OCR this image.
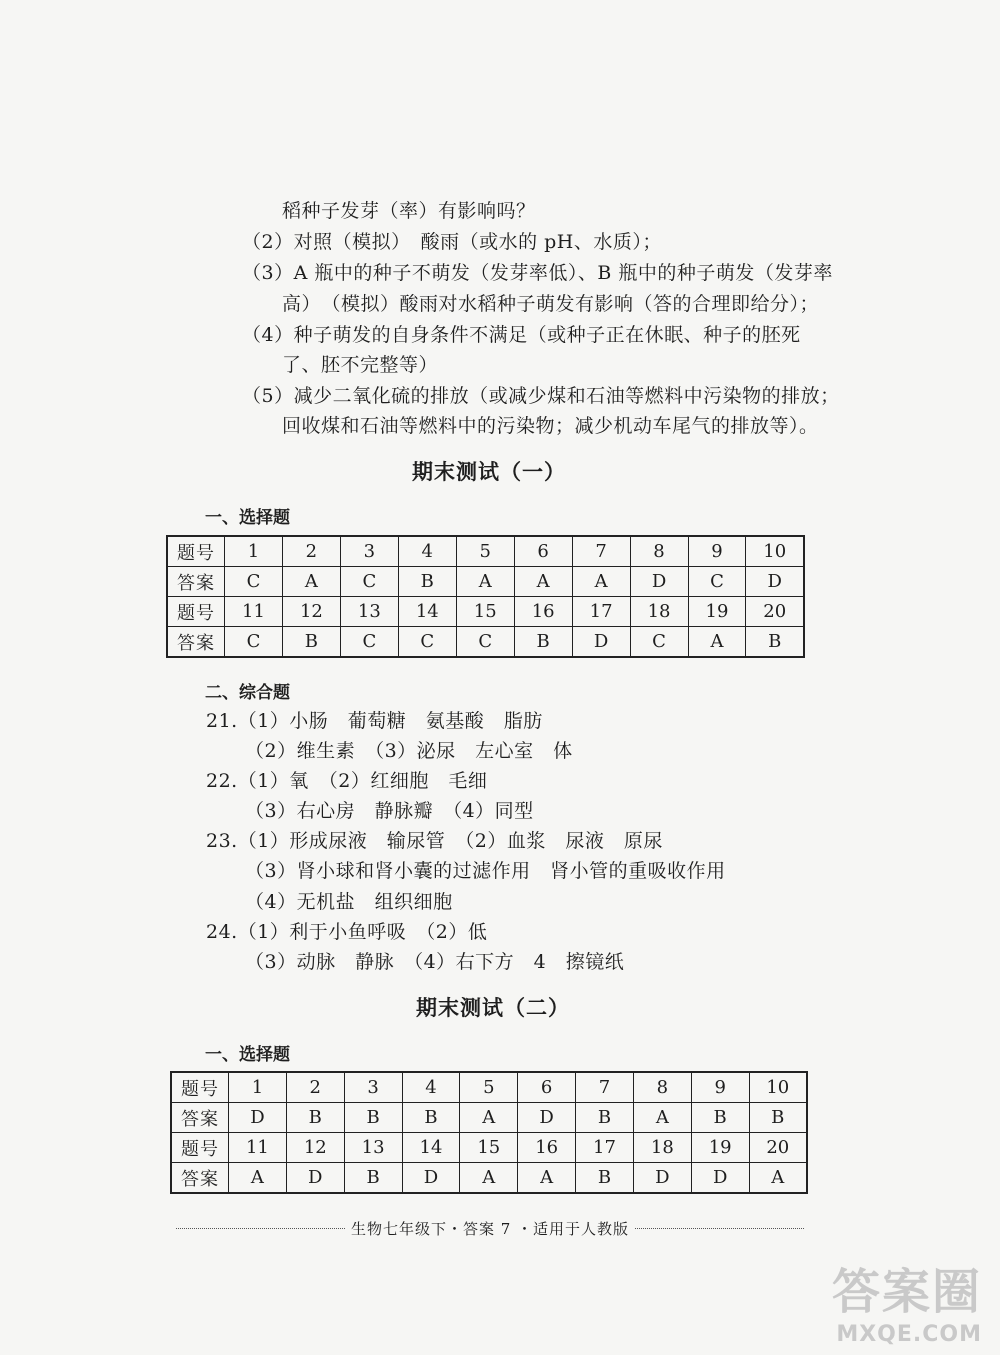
稻种子发芽（率）有影响吗？
（2）对照（模拟）　酸雨（或水的 pH、水质）；
（3）A 瓶中的种子不萌发（发芽率低）、B 瓶中的种子萌发（发芽率
高）　（模拟）酸雨对水稻种子萌发有影响（答的合理即给分）；
（4）种子萌发的自身条件不满足（或种子正在休眠、种子的胚死
了、胚不完整等）
（5）减少二氧化硫的排放（或减少煤和石油等燃料中污染物的排放；
回收煤和石油等燃料中的污染物；减少机动车尾气的排放等）。
期末测试（一）
一、选择题
题号	1	2	3	4	5	6	7	8	9	10
答案	C	A	C	B	A	A	A	D	C	D
题号	11	12	13	14	15	16	17	18	19	20
答案	C	B	C	C	C	B	D	C	A	B
二、综合题
21.（1）小肠　葡萄糖　氨基酸　脂肪
（2）维生素　（3）泌尿　左心室　体
22.（1）氧　（2）红细胞　毛细
（3）右心房　静脉瓣　（4）同型
23.（1）形成尿液　输尿管　（2）血浆　尿液　原尿
（3）肾小球和肾小囊的过滤作用　肾小管的重吸收作用
（4）无机盐　组织细胞
24.（1）利于小鱼呼吸　（2）低
（3）动脉　静脉　（4）右下方　4　擦镜纸
期末测试（二）
一、选择题
题号	1	2	3	4	5	6	7	8	9	10
答案	D	B	B	B	A	D	B	A	B	B
题号	11	12	13	14	15	16	17	18	19	20
答案	A	D	B	D	A	A	B	D	D	A
生物七年级下・答案 7 ・适用于人教版
答案圈
MXQE.COM
